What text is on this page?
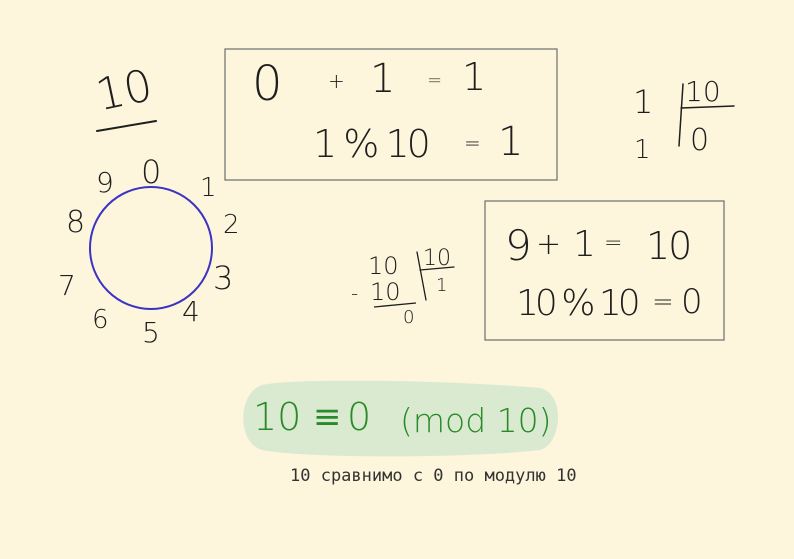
10
0 1
2
3
4
5
6
7
8
9
0 + 1 = 1
1 % 10 = 1
1
1
10
0
10
- 10
0
10
1
9 + 1 = 10
10 % 10 = 0
10 ≡ 0 (mod 10)
10 сравнимо с 0 по модулю 10
